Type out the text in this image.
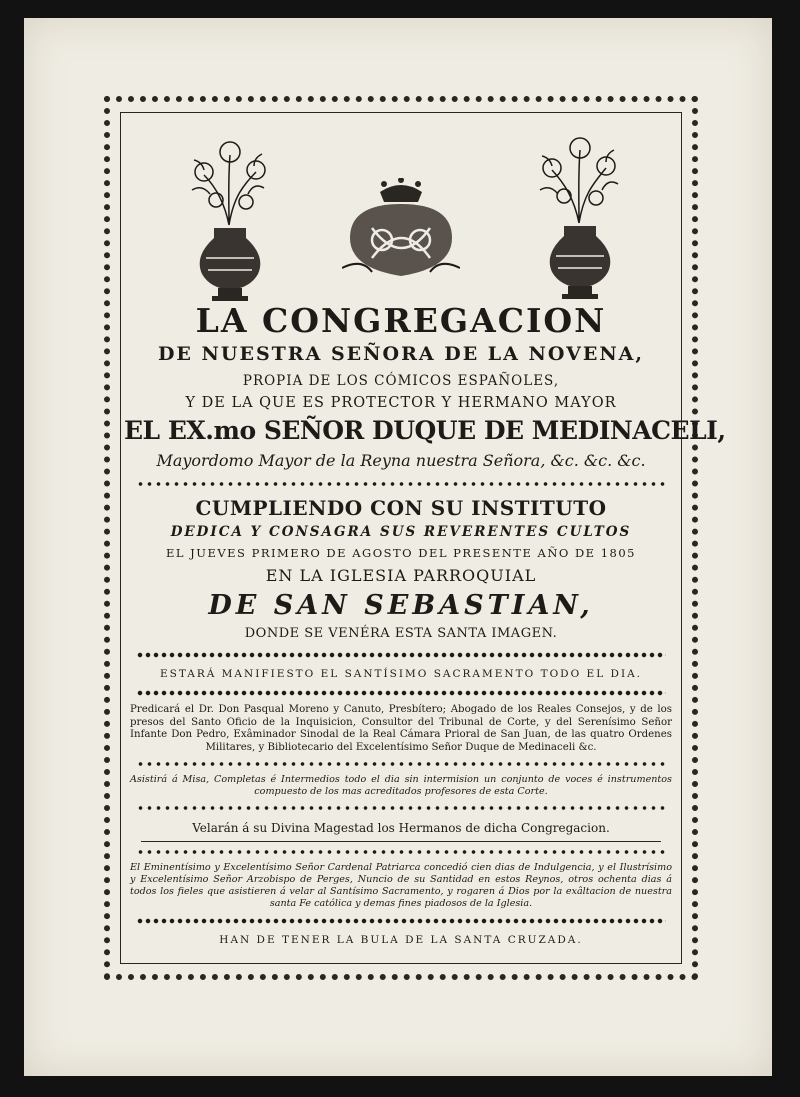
LA CONGREGACION
DE NUESTRA SEÑORA DE LA NOVENA,
PROPIA DE LOS CÓMICOS ESPAÑOLES,
Y DE LA QUE ES PROTECTOR Y HERMANO MAYOR
EL EX.mo SEÑOR DUQUE DE MEDINACELI,
Mayordomo Mayor de la Reyna nuestra Señora, &c. &c. &c.
CUMPLIENDO CON SU INSTITUTO
DEDICA Y CONSAGRA SUS REVERENTES CULTOS
EL JUEVES PRIMERO DE AGOSTO DEL PRESENTE AÑO DE 1805
EN LA IGLESIA PARROQUIAL
DE SAN SEBASTIAN,
DONDE SE VENÉRA ESTA SANTA IMAGEN.
ESTARÁ MANIFIESTO EL SANTÍSIMO SACRAMENTO TODO EL DIA.
Predicará el Dr. Don Pasqual Moreno y Canuto, Presbítero; Abogado de los Reales Consejos, y de los presos del Santo Oficio de la Inquisicion, Consultor del Tribunal de Corte, y del Serenísimo Señor Infante Don Pedro, Exâminador Sinodal de la Real Cámara Prioral de San Juan, de las quatro Ordenes Militares, y Bibliotecario del Excelentísimo Señor Duque de Medinaceli &c.
Asistirá á Misa, Completas é Intermedios todo el dia sin intermision un conjunto de voces é instrumentos compuesto de los mas acreditados profesores de esta Corte.
Velarán á su Divina Magestad los Hermanos de dicha Congregacion.
El Eminentísimo y Excelentísimo Señor Cardenal Patriarca concedió cien dias de Indulgencia, y el Ilustrísimo y Excelentísimo Señor Arzobispo de Perges, Nuncio de su Santidad en estos Reynos, otros ochenta dias á todos los fieles que asistieren á velar al Santísimo Sacramento, y rogaren á Dios por la exâltacion de nuestra santa Fe católica y demas fines piadosos de la Iglesia.
HAN DE TENER LA BULA DE LA SANTA CRUZADA.
